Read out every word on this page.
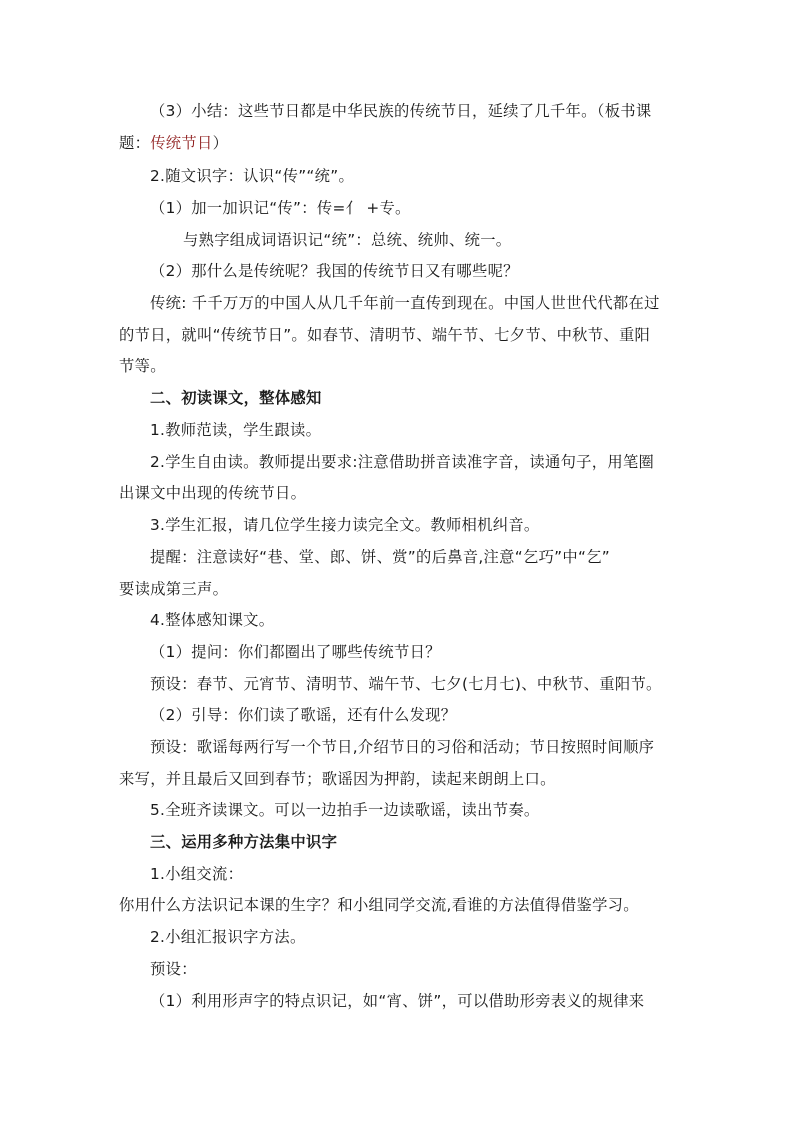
（3）小结：这些节日都是中华民族的传统节日，延续了几千年。（板书课
题：传统节日）
2.随文识字：认识“传”“统”。
（1）加一加识记“传”：传=亻 +专。
与熟字组成词语识记“统”：总统、统帅、统一。
（2）那什么是传统呢？我国的传统节日又有哪些呢？
传统: 千千万万的中国人从几千年前一直传到现在。中国人世世代代都在过
的节日，就叫“传统节日”。如春节、清明节、端午节、七夕节、中秋节、重阳
节等。
二、初读课文，整体感知
1.教师范读，学生跟读。
2.学生自由读。教师提出要求:注意借助拼音读准字音，读通句子，用笔圈
出课文中出现的传统节日。
3.学生汇报，请几位学生接力读完全文。教师相机纠音。
提醒：注意读好“巷、堂、郎、饼、赏”的后鼻音,注意“乞巧”中“乞”
要读成第三声。
4.整体感知课文。
（1）提问：你们都圈出了哪些传统节日？
预设：春节、元宵节、清明节、端午节、七夕(七月七)、中秋节、重阳节。
（2）引导：你们读了歌谣，还有什么发现？
预设：歌谣每两行写一个节日,介绍节日的习俗和活动；节日按照时间顺序
来写，并且最后又回到春节；歌谣因为押韵，读起来朗朗上口。
5.全班齐读课文。可以一边拍手一边读歌谣，读出节奏。
三、运用多种方法集中识字
1.小组交流：
你用什么方法识记本课的生字？和小组同学交流,看谁的方法值得借鉴学习。
2.小组汇报识字方法。
预设：
（1）利用形声字的特点识记，如“宵、饼”，可以借助形旁表义的规律来
